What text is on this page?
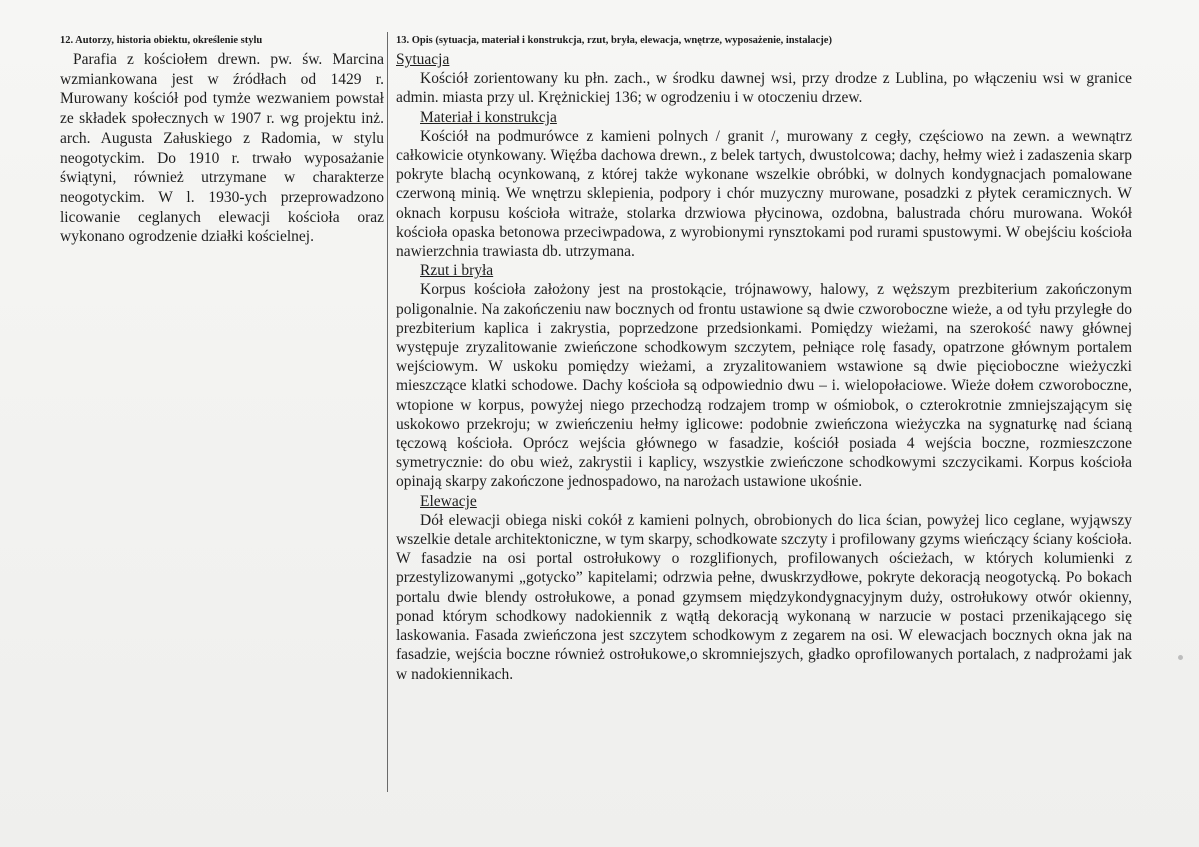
12. Autorzy, historia obiektu, określenie stylu

Parafia z kościołem drewn. pw. św. Marcina wzmiankowana jest w źródłach od 1429 r. Murowany kościół pod tymże wezwaniem powstał ze składek społecznych w 1907 r. wg projektu inż. arch. Augusta Załuskiego z Radomia, w stylu neogotyckim. Do 1910 r. trwało wyposażanie świątyni, również utrzymane w charakterze neogotyckim. W l. 1930-ych przeprowadzono licowanie ceglanych elewacji kościoła oraz wykonano ogrodzenie działki kościelnej.

13. Opis (sytuacja, materiał i konstrukcja, rzut, bryła, elewacja, wnętrze, wyposażenie, instalacje)
Sytuacja

Kościół zorientowany ku płn. zach., w środku dawnej wsi, przy drodze z Lublina, po włączeniu wsi w granice admin. miasta przy ul. Krężnickiej 136; w ogrodzeniu i w otoczeniu drzew.

Materiał i konstrukcja

Kościół na podmurówce z kamieni polnych / granit /, murowany z cegły, częściowo na zewn. a wewnątrz całkowicie otynkowany. Więźba dachowa drewn., z belek tartych, dwustolcowa; dachy, hełmy wież i zadaszenia skarp pokryte blachą ocynkowaną, z której także wykonane wszelkie obróbki, w dolnych kondygnacjach pomalowane czerwoną minią. We wnętrzu sklepienia, podpory i chór muzyczny murowane, posadzki z płytek ceramicznych. W oknach korpusu kościoła witraże, stolarka drzwiowa płycinowa, ozdobna, balustrada chóru murowana. Wokół kościoła opaska betonowa przeciwpadowa, z wyrobionymi rynsztokami pod rurami spustowymi. W obejściu kościoła nawierzchnia trawiasta db. utrzymana.

Rzut i bryła

Korpus kościoła założony jest na prostokącie, trójnawowy, halowy, z węższym prezbiterium zakończonym poligonalnie. Na zakończeniu naw bocznych od frontu ustawione są dwie czworoboczne wieże, a od tyłu przyległe do prezbiterium kaplica i zakrystia, poprzedzone przedsionkami. Pomiędzy wieżami, na szerokość nawy głównej występuje zryzalitowanie zwieńczone schodkowym szczytem, pełniące rolę fasady, opatrzone głównym portalem wejściowym. W uskoku pomiędzy wieżami, a zryzalitowaniem wstawione są dwie pięcioboczne wieżyczki mieszczące klatki schodowe. Dachy kościoła są odpowiednio dwu – i. wielopołaciowe. Wieże dołem czworoboczne, wtopione w korpus, powyżej niego przechodzą rodzajem tromp w ośmiobok, o czterokrotnie zmniejszającym się uskokowo przekroju; w zwieńczeniu hełmy iglicowe: podobnie zwieńczona wieżyczka na sygnaturkę nad ścianą tęczową kościoła. Oprócz wejścia głównego w fasadzie, kościół posiada 4 wejścia boczne, rozmieszczone symetrycznie: do obu wież, zakrystii i kaplicy, wszystkie zwieńczone schodkowymi szczycikami. Korpus kościoła opinają skarpy zakończone jednospadowo, na narożach ustawione ukośnie.

Elewacje

Dół elewacji obiega niski cokół z kamieni polnych, obrobionych do lica ścian, powyżej lico ceglane, wyjąwszy wszelkie detale architektoniczne, w tym skarpy, schodkowate szczyty i profilowany gzyms wieńczący ściany kościoła. W fasadzie na osi portal ostrołukowy o rozglifionych, profilowanych ościeżach, w których kolumienki z przestylizowanymi „gotycko” kapitelami; odrzwia pełne, dwuskrzydłowe, pokryte dekoracją neogotycką. Po bokach portalu dwie blendy ostrołukowe, a ponad gzymsem międzykondygnacyjnym duży, ostrołukowy otwór okienny, ponad którym schodkowy nadokiennik z wątłą dekoracją wykonaną w narzucie w postaci przenikającego się laskowania. Fasada zwieńczona jest szczytem schodkowym z zegarem na osi. W elewacjach bocznych okna jak na fasadzie, wejścia boczne również ostrołukowe,o skromniejszych, gładko oprofilowanych portalach, z nadprożami jak w nadokiennikach.
